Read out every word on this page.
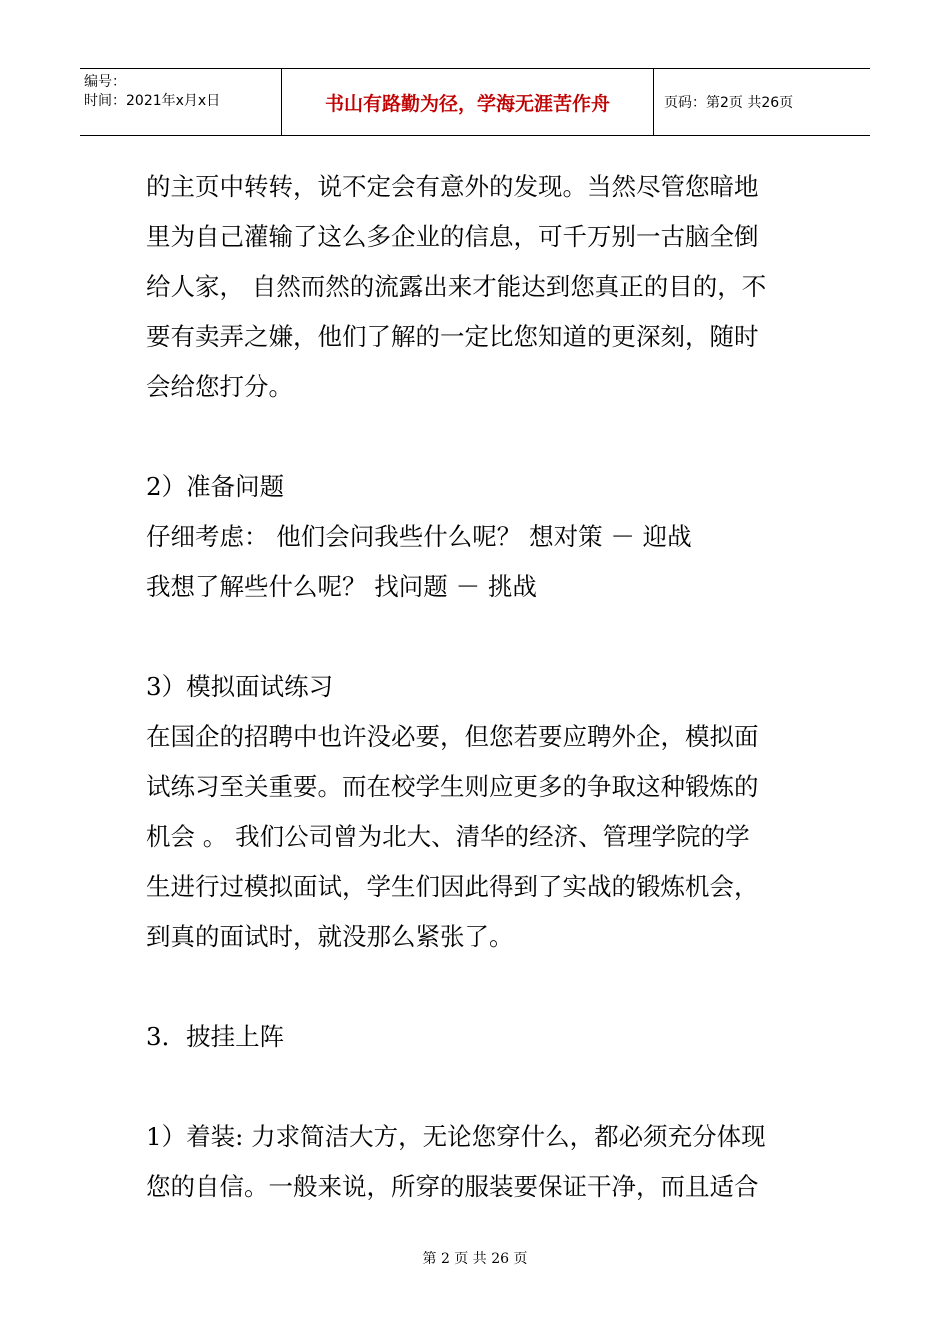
编号：
时间：2021年x月x日	书山有路勤为径，学海无涯苦作舟	页码：第2页 共26页

的主页中转转，说不定会有意外的发现。当然尽管您暗地

里为自己灌输了这么多企业的信息，可千万别一古脑全倒

给人家， 自然而然的流露出来才能达到您真正的目的，不

要有卖弄之嫌，他们了解的一定比您知道的更深刻，随时

会给您打分。

2）准备问题

仔细考虑： 他们会问我些什么呢？ 想对策 － 迎战

我想了解些什么呢？ 找问题 － 挑战

3）模拟面试练习

在国企的招聘中也许没必要，但您若要应聘外企，模拟面

试练习至关重要。而在校学生则应更多的争取这种锻炼的

机会 。 我们公司曾为北大、清华的经济、管理学院的学

生进行过模拟面试，学生们因此得到了实战的锻炼机会，

到真的面试时，就没那么紧张了。

3．披挂上阵

1）着装: 力求简洁大方，无论您穿什么，都必须充分体现

您的自信。一般来说，所穿的服装要保证干净，而且适合

第 2 页 共 26 页
